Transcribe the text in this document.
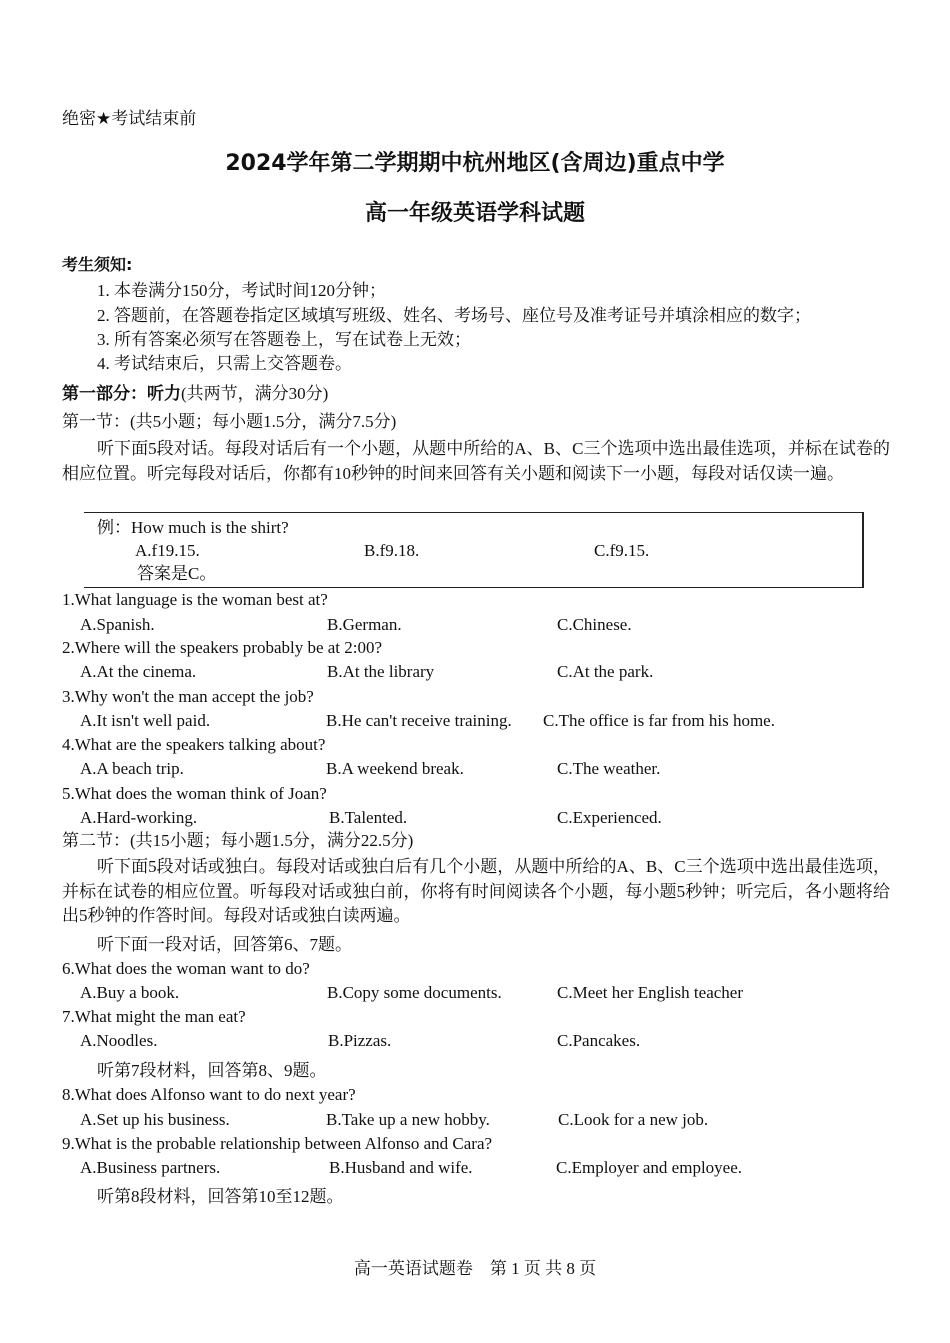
绝密★考试结束前
2024学年第二学期期中杭州地区(含周边)重点中学
高一年级英语学科试题
考生须知:
1. 本卷满分150分，考试时间120分钟；
2. 答题前，在答题卷指定区域填写班级、姓名、考场号、座位号及准考证号并填涂相应的数字；
3. 所有答案必须写在答题卷上，写在试卷上无效；
4. 考试结束后，只需上交答题卷。
第一部分：听力(共两节，满分30分)
第一节：(共5小题；每小题1.5分，满分7.5分)
听下面5段对话。每段对话后有一个小题，从题中所给的A、B、C三个选项中选出最佳选项，并标在试卷的相应位置。听完每段对话后，你都有10秒钟的时间来回答有关小题和阅读下一小题，每段对话仅读一遍。
例：How much is the shirt?
A.f19.15.	B.f9.18.	C.f9.15.
答案是C。
1.What language is the woman best at?
A.Spanish.	B.German.	C.Chinese.
2.Where will the speakers probably be at 2:00?
A.At the cinema.	B.At the library	C.At the park.
3.Why won't the man accept the job?
A.It isn't well paid.	B.He can't receive training. C.The office is far from his home.
4.What are the speakers talking about?
A.A beach trip.	B.A weekend break.	C.The weather.
5.What does the woman think of Joan?
A.Hard-working.	B.Talented.	C.Experienced.
第二节：(共15小题；每小题1.5分，满分22.5分)
听下面5段对话或独白。每段对话或独白后有几个小题，从题中所给的A、B、C三个选项中选出最佳选项，并标在试卷的相应位置。听每段对话或独白前，你将有时间阅读各个小题，每小题5秒钟；听完后，各小题将给出5秒钟的作答时间。每段对话或独白读两遍。
听下面一段对话，回答第6、7题。
6.What does the woman want to do?
A.Buy a book.	B.Copy some documents.	C.Meet her English teacher
7.What might the man eat?
A.Noodles.	B.Pizzas.	C.Pancakes.
听第7段材料，回答第8、9题。
8.What does Alfonso want to do next year?
A.Set up his business.	B.Take up a new hobby.	C.Look for a new job.
9.What is the probable relationship between Alfonso and Cara?
A.Business partners.	B.Husband and wife.	C.Employer and employee.
听第8段材料，回答第10至12题。
高一英语试题卷　第 1 页 共 8 页
